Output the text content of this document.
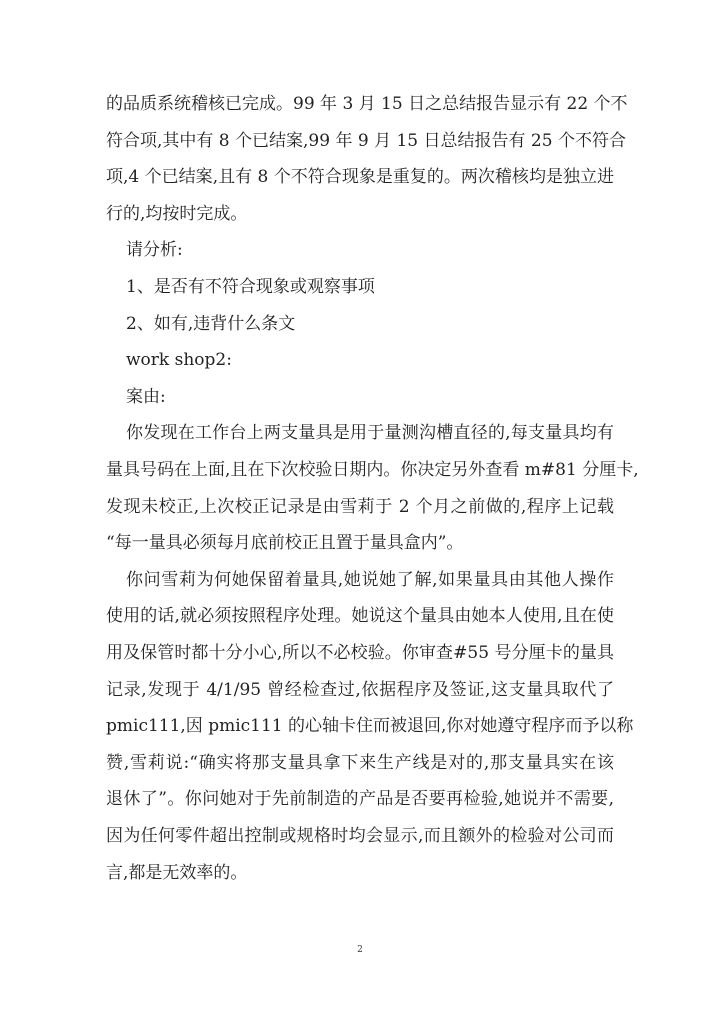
的品质系统稽核已完成。99 年 3 月 15 日之总结报告显示有 22 个不
符合项,其中有 8 个已结案,99 年 9 月 15 日总结报告有 25 个不符合
项,4 个已结案,且有 8 个不符合现象是重复的。两次稽核均是独立进
行的,均按时完成。
请分析:
1、是否有不符合现象或观察事项
2、如有,违背什么条文
work shop2:
案由:
你发现在工作台上两支量具是用于量测沟槽直径的,每支量具均有
量具号码在上面,且在下次校验日期内。你决定另外查看 m#81 分厘卡,
发现未校正,上次校正记录是由雪莉于 2 个月之前做的,程序上记载
“每一量具必须每月底前校正且置于量具盒内”。
你问雪莉为何她保留着量具,她说她了解,如果量具由其他人操作
使用的话,就必须按照程序处理。她说这个量具由她本人使用,且在使
用及保管时都十分小心,所以不必校验。你审查#55 号分厘卡的量具
记录,发现于 4/1/95 曾经检查过,依据程序及签证,这支量具取代了
pmic111,因 pmic111 的心轴卡住而被退回,你对她遵守程序而予以称
赞,雪莉说:“确实将那支量具拿下来生产线是对的,那支量具实在该
退休了”。你问她对于先前制造的产品是否要再检验,她说并不需要,
因为任何零件超出控制或规格时均会显示,而且额外的检验对公司而
言,都是无效率的。
2
